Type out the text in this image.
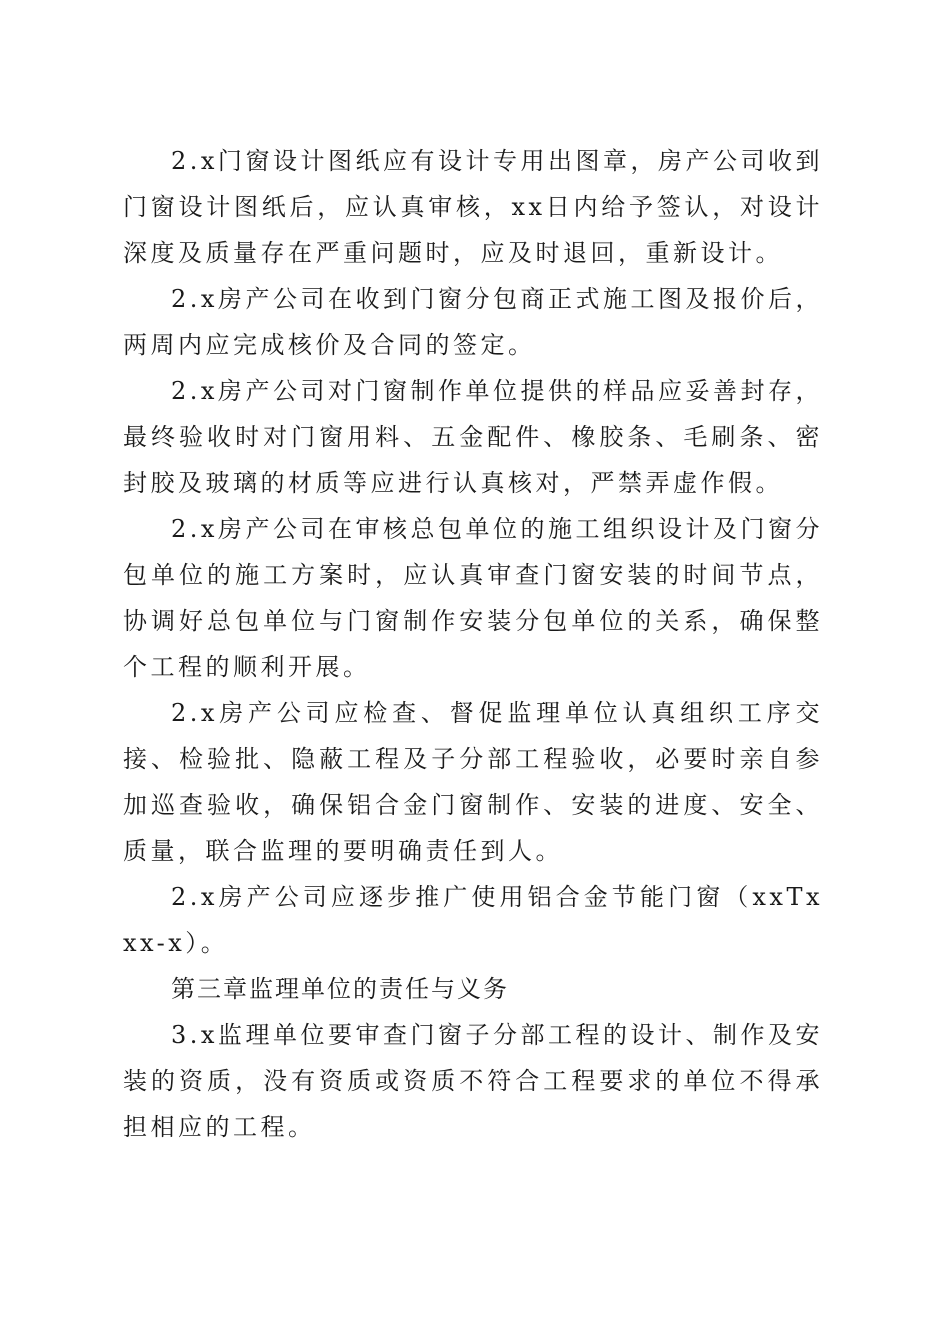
2.x门窗设计图纸应有设计专用出图章，房产公司收到门窗设计图纸后，应认真审核，xx日内给予签认，对设计深度及质量存在严重问题时，应及时退回，重新设计。

2.x房产公司在收到门窗分包商正式施工图及报价后，两周内应完成核价及合同的签定。

2.x房产公司对门窗制作单位提供的样品应妥善封存，最终验收时对门窗用料、五金配件、橡胶条、毛刷条、密封胶及玻璃的材质等应进行认真核对，严禁弄虚作假。

2.x房产公司在审核总包单位的施工组织设计及门窗分包单位的施工方案时，应认真审查门窗安装的时间节点，协调好总包单位与门窗制作安装分包单位的关系，确保整个工程的顺利开展。

2.x房产公司应检查、督促监理单位认真组织工序交接、检验批、隐蔽工程及子分部工程验收，必要时亲自参加巡查验收，确保铝合金门窗制作、安装的进度、安全、质量，联合监理的要明确责任到人。

2.x房产公司应逐步推广使用铝合金节能门窗（xxTxxx-x）。

第三章监理单位的责任与义务

3.x监理单位要审查门窗子分部工程的设计、制作及安装的资质，没有资质或资质不符合工程要求的单位不得承担相应的工程。
